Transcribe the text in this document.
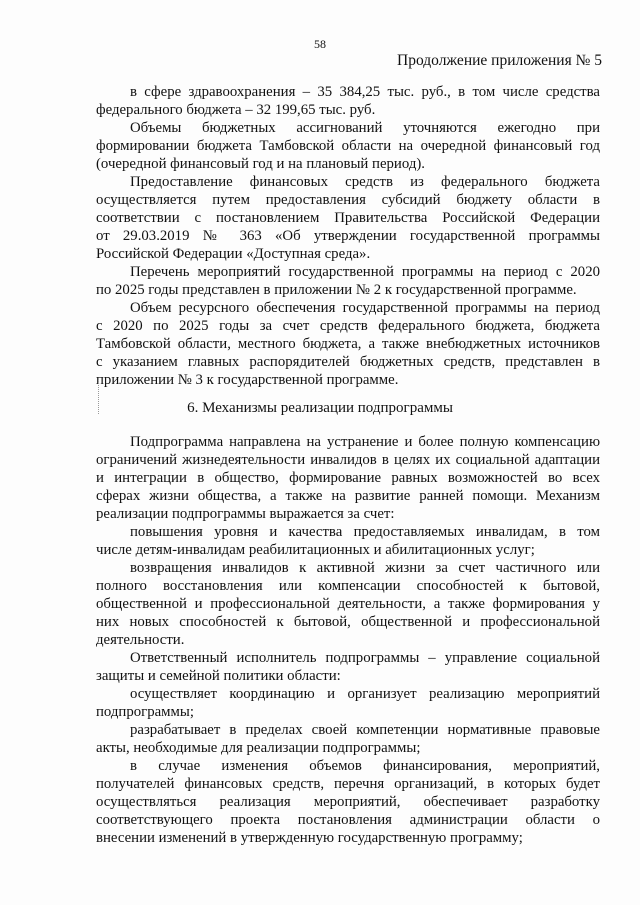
58
Продолжение приложения № 5
в сфере здравоохранения – 35 384,25 тыс. руб., в том числе средства
федерального бюджета – 32 199,65 тыс. руб.
Объемы бюджетных ассигнований уточняются ежегодно при
формировании бюджета Тамбовской области на очередной финансовый год
(очередной финансовый год и на плановый период).
Предоставление финансовых средств из федерального бюджета
осуществляется путем предоставления субсидий бюджету области в
соответствии с постановлением Правительства Российской Федерации
от 29.03.2019 № 363 «Об утверждении государственной программы
Российской Федерации «Доступная среда».
Перечень мероприятий государственной программы на период с 2020
по 2025 годы представлен в приложении № 2 к государственной программе.
Объем ресурсного обеспечения государственной программы на период
с 2020 по 2025 годы за счет средств федерального бюджета, бюджета
Тамбовской области, местного бюджета, а также внебюджетных источников
с указанием главных распорядителей бюджетных средств, представлен в
приложении № 3 к государственной программе.
6. Механизмы реализации подпрограммы
Подпрограмма направлена на устранение и более полную компенсацию
ограничений жизнедеятельности инвалидов в целях их социальной адаптации
и интеграции в общество, формирование равных возможностей во всех
сферах жизни общества, а также на развитие ранней помощи. Механизм
реализации подпрограммы выражается за счет:
повышения уровня и качества предоставляемых инвалидам, в том
числе детям-инвалидам реабилитационных и абилитационных услуг;
возвращения инвалидов к активной жизни за счет частичного или
полного восстановления или компенсации способностей к бытовой,
общественной и профессиональной деятельности, а также формирования у
них новых способностей к бытовой, общественной и профессиональной
деятельности.
Ответственный исполнитель подпрограммы – управление социальной
защиты и семейной политики области:
осуществляет координацию и организует реализацию мероприятий
подпрограммы;
разрабатывает в пределах своей компетенции нормативные правовые
акты, необходимые для реализации подпрограммы;
в случае изменения объемов финансирования, мероприятий,
получателей финансовых средств, перечня организаций, в которых будет
осуществляться реализация мероприятий, обеспечивает разработку
соответствующего проекта постановления администрации области о
внесении изменений в утвержденную государственную программу;
